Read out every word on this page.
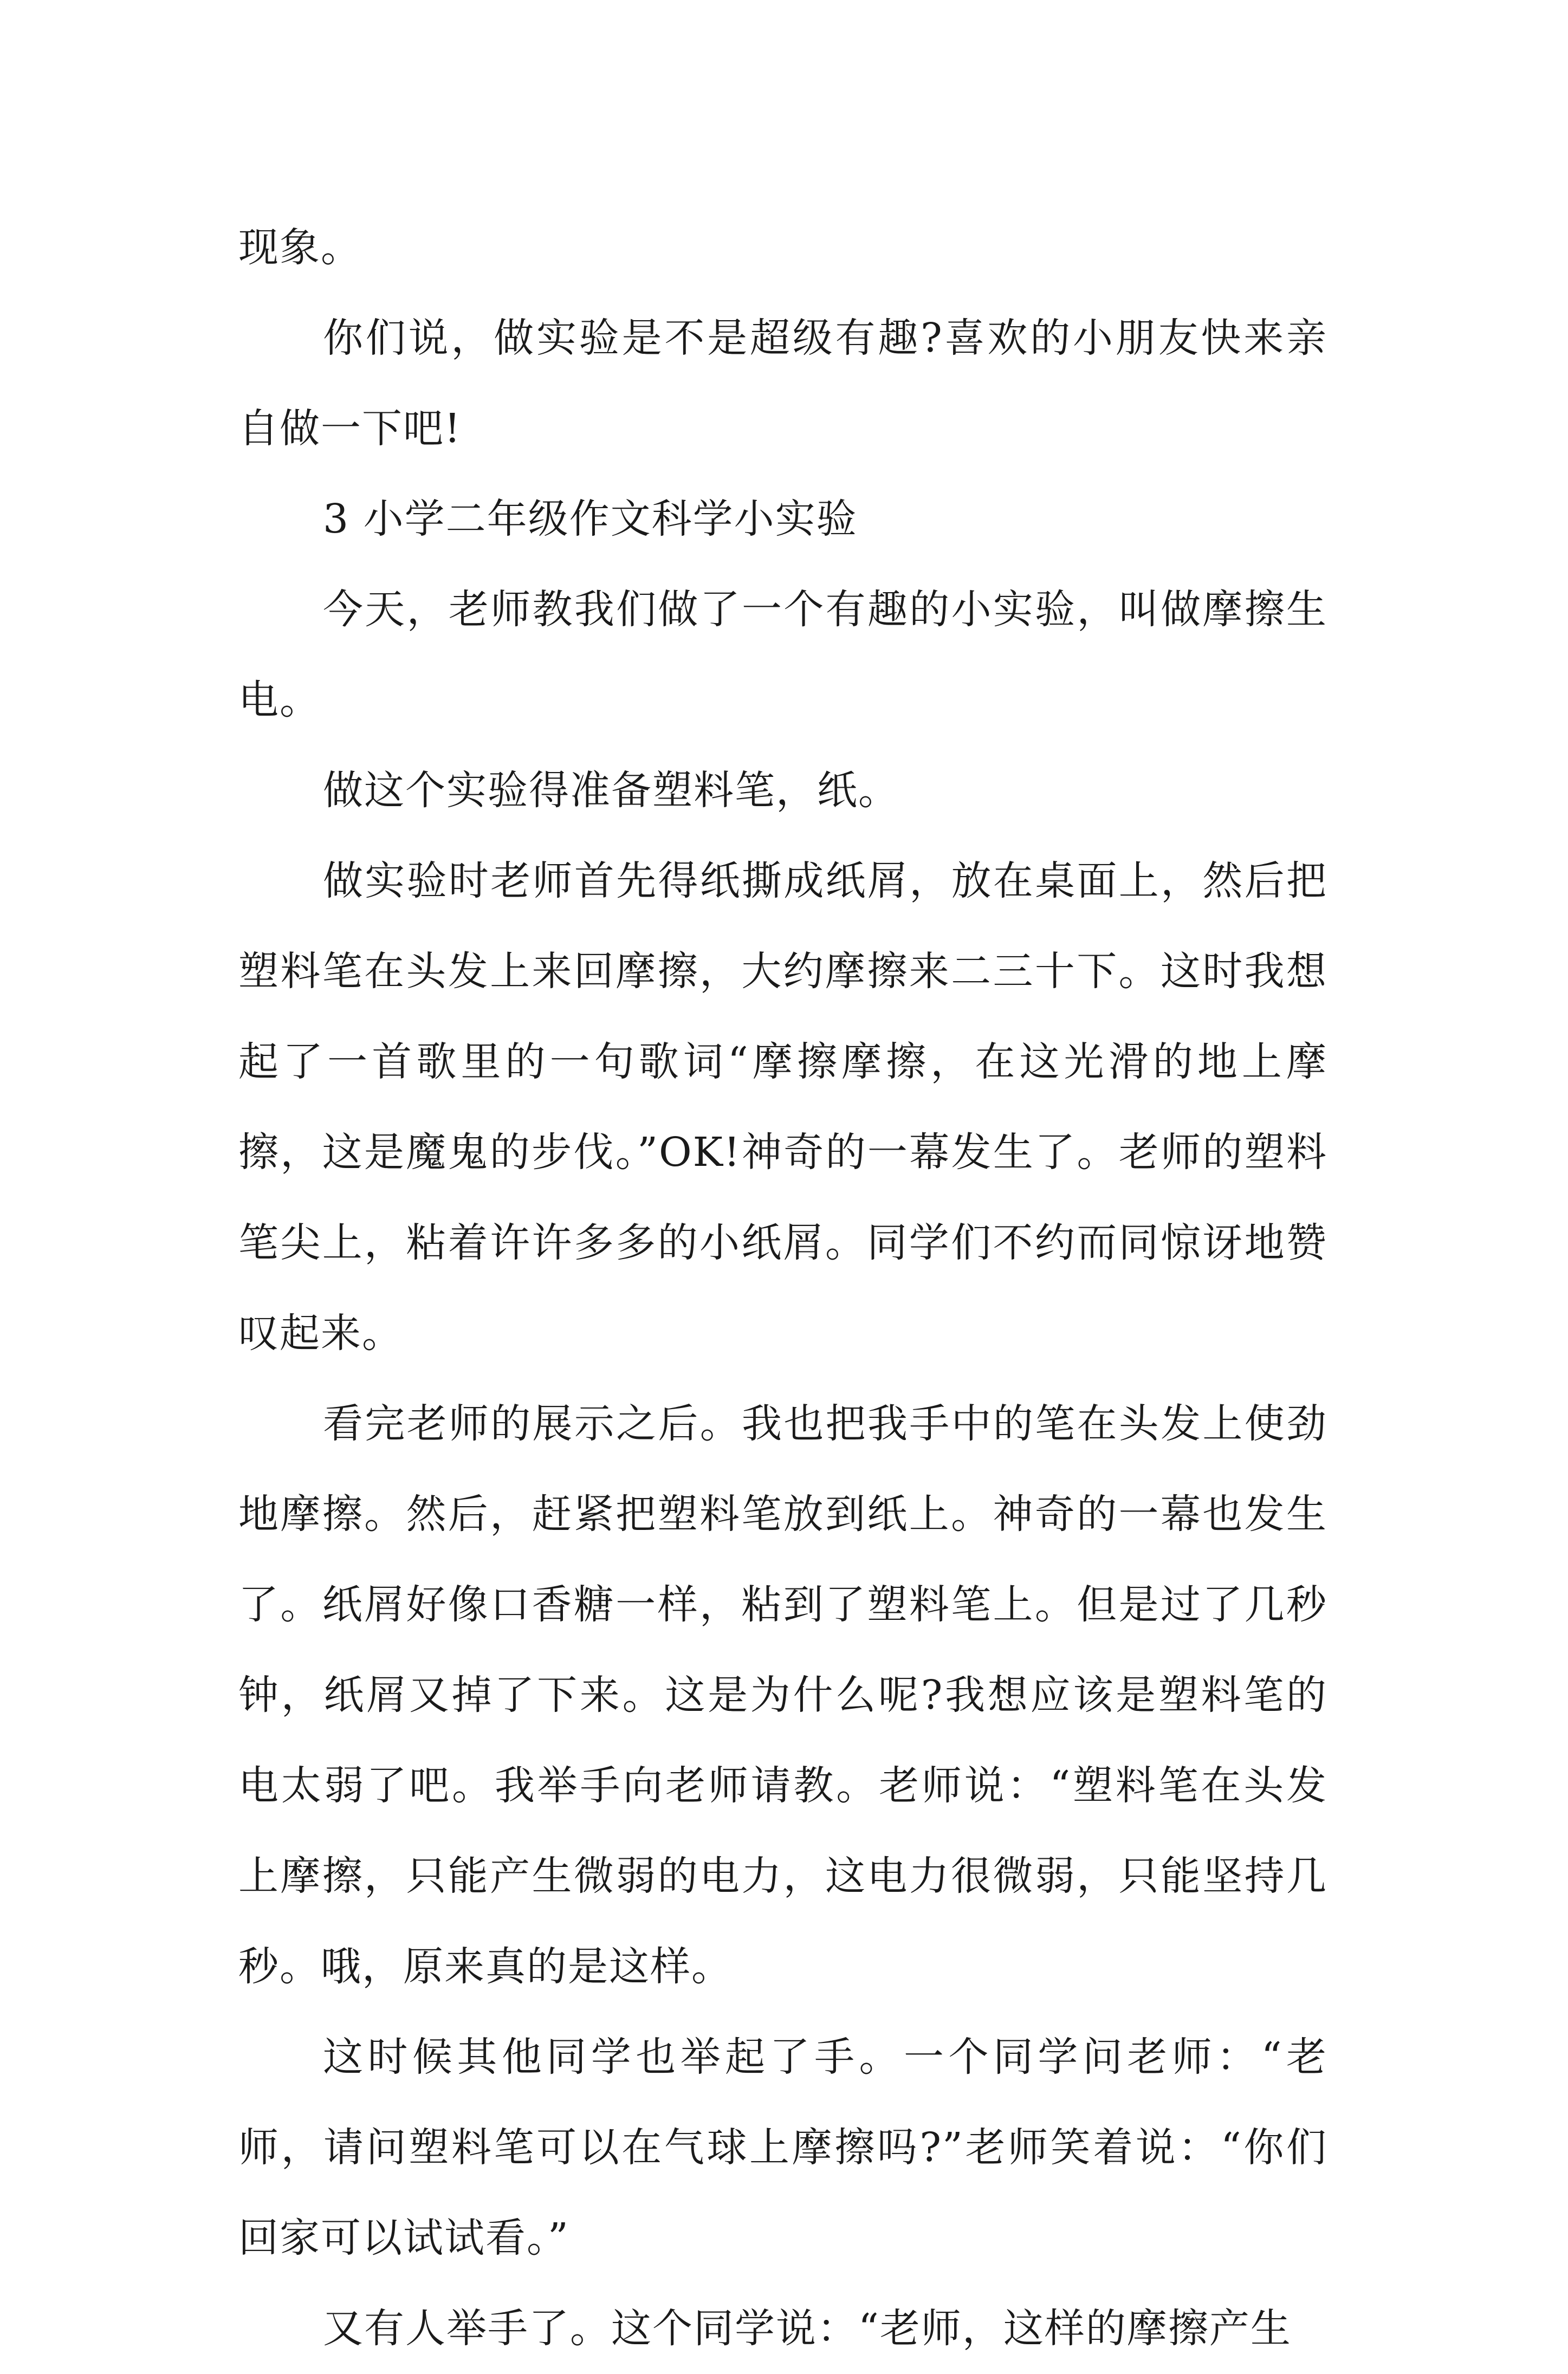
现象。

你们说，做实验是不是超级有趣?喜欢的小朋友快来亲自做一下吧!

3 小学二年级作文科学小实验

今天，老师教我们做了一个有趣的小实验，叫做摩擦生电。

做这个实验得准备塑料笔，纸。

做实验时老师首先得纸撕成纸屑，放在桌面上，然后把塑料笔在头发上来回摩擦，大约摩擦来二三十下。这时我想起了一首歌里的一句歌词“摩擦摩擦，在这光滑的地上摩擦，这是魔鬼的步伐。”OK!神奇的一幕发生了。老师的塑料笔尖上，粘着许许多多的小纸屑。同学们不约而同惊讶地赞叹起来。

看完老师的展示之后。我也把我手中的笔在头发上使劲地摩擦。然后，赶紧把塑料笔放到纸上。神奇的一幕也发生了。纸屑好像口香糖一样，粘到了塑料笔上。但是过了几秒钟，纸屑又掉了下来。这是为什么呢?我想应该是塑料笔的电太弱了吧。我举手向老师请教。老师说：“塑料笔在头发上摩擦，只能产生微弱的电力，这电力很微弱，只能坚持几秒。哦，原来真的是这样。

这时候其他同学也举起了手。一个同学问老师：“老师，请问塑料笔可以在气球上摩擦吗?”老师笑着说：“你们回家可以试试看。”

又有人举手了。这个同学说：“老师，这样的摩擦产生
